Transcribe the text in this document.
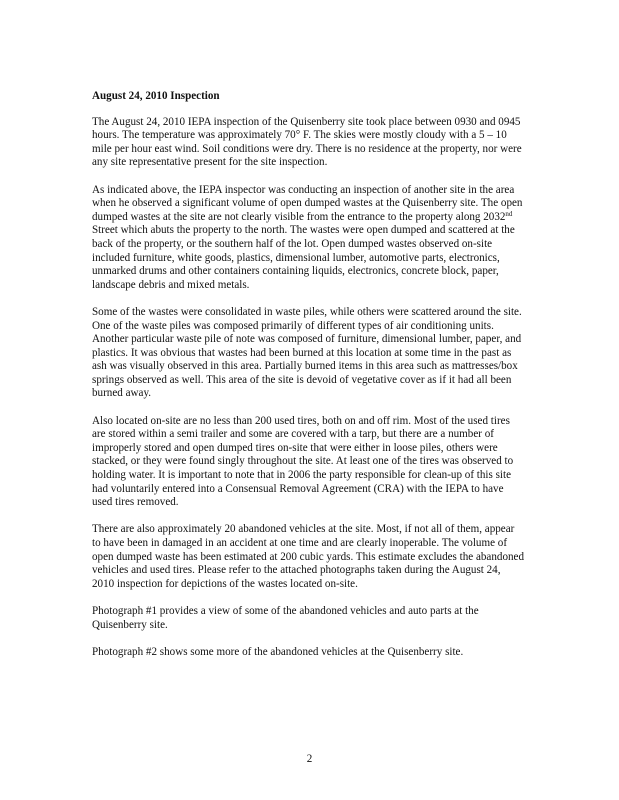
August 24, 2010 Inspection

The August 24, 2010 IEPA inspection of the Quisenberry site took place between 0930 and 0945 hours. The temperature was approximately 70° F. The skies were mostly cloudy with a 5 – 10 mile per hour east wind. Soil conditions were dry. There is no residence at the property, nor were any site representative present for the site inspection.

As indicated above, the IEPA inspector was conducting an inspection of another site in the area when he observed a significant volume of open dumped wastes at the Quisenberry site. The open dumped wastes at the site are not clearly visible from the entrance to the property along 2032nd Street which abuts the property to the north. The wastes were open dumped and scattered at the back of the property, or the southern half of the lot. Open dumped wastes observed on-site included furniture, white goods, plastics, dimensional lumber, automotive parts, electronics, unmarked drums and other containers containing liquids, electronics, concrete block, paper, landscape debris and mixed metals.

Some of the wastes were consolidated in waste piles, while others were scattered around the site. One of the waste piles was composed primarily of different types of air conditioning units. Another particular waste pile of note was composed of furniture, dimensional lumber, paper, and plastics. It was obvious that wastes had been burned at this location at some time in the past as ash was visually observed in this area. Partially burned items in this area such as mattresses/box springs observed as well. This area of the site is devoid of vegetative cover as if it had all been burned away.

Also located on-site are no less than 200 used tires, both on and off rim. Most of the used tires are stored within a semi trailer and some are covered with a tarp, but there are a number of improperly stored and open dumped tires on-site that were either in loose piles, others were stacked, or they were found singly throughout the site. At least one of the tires was observed to holding water. It is important to note that in 2006 the party responsible for clean-up of this site had voluntarily entered into a Consensual Removal Agreement (CRA) with the IEPA to have used tires removed.

There are also approximately 20 abandoned vehicles at the site. Most, if not all of them, appear to have been in damaged in an accident at one time and are clearly inoperable. The volume of open dumped waste has been estimated at 200 cubic yards. This estimate excludes the abandoned vehicles and used tires. Please refer to the attached photographs taken during the August 24, 2010 inspection for depictions of the wastes located on-site.

Photograph #1 provides a view of some of the abandoned vehicles and auto parts at the Quisenberry site.

Photograph #2 shows some more of the abandoned vehicles at the Quisenberry site.

2
